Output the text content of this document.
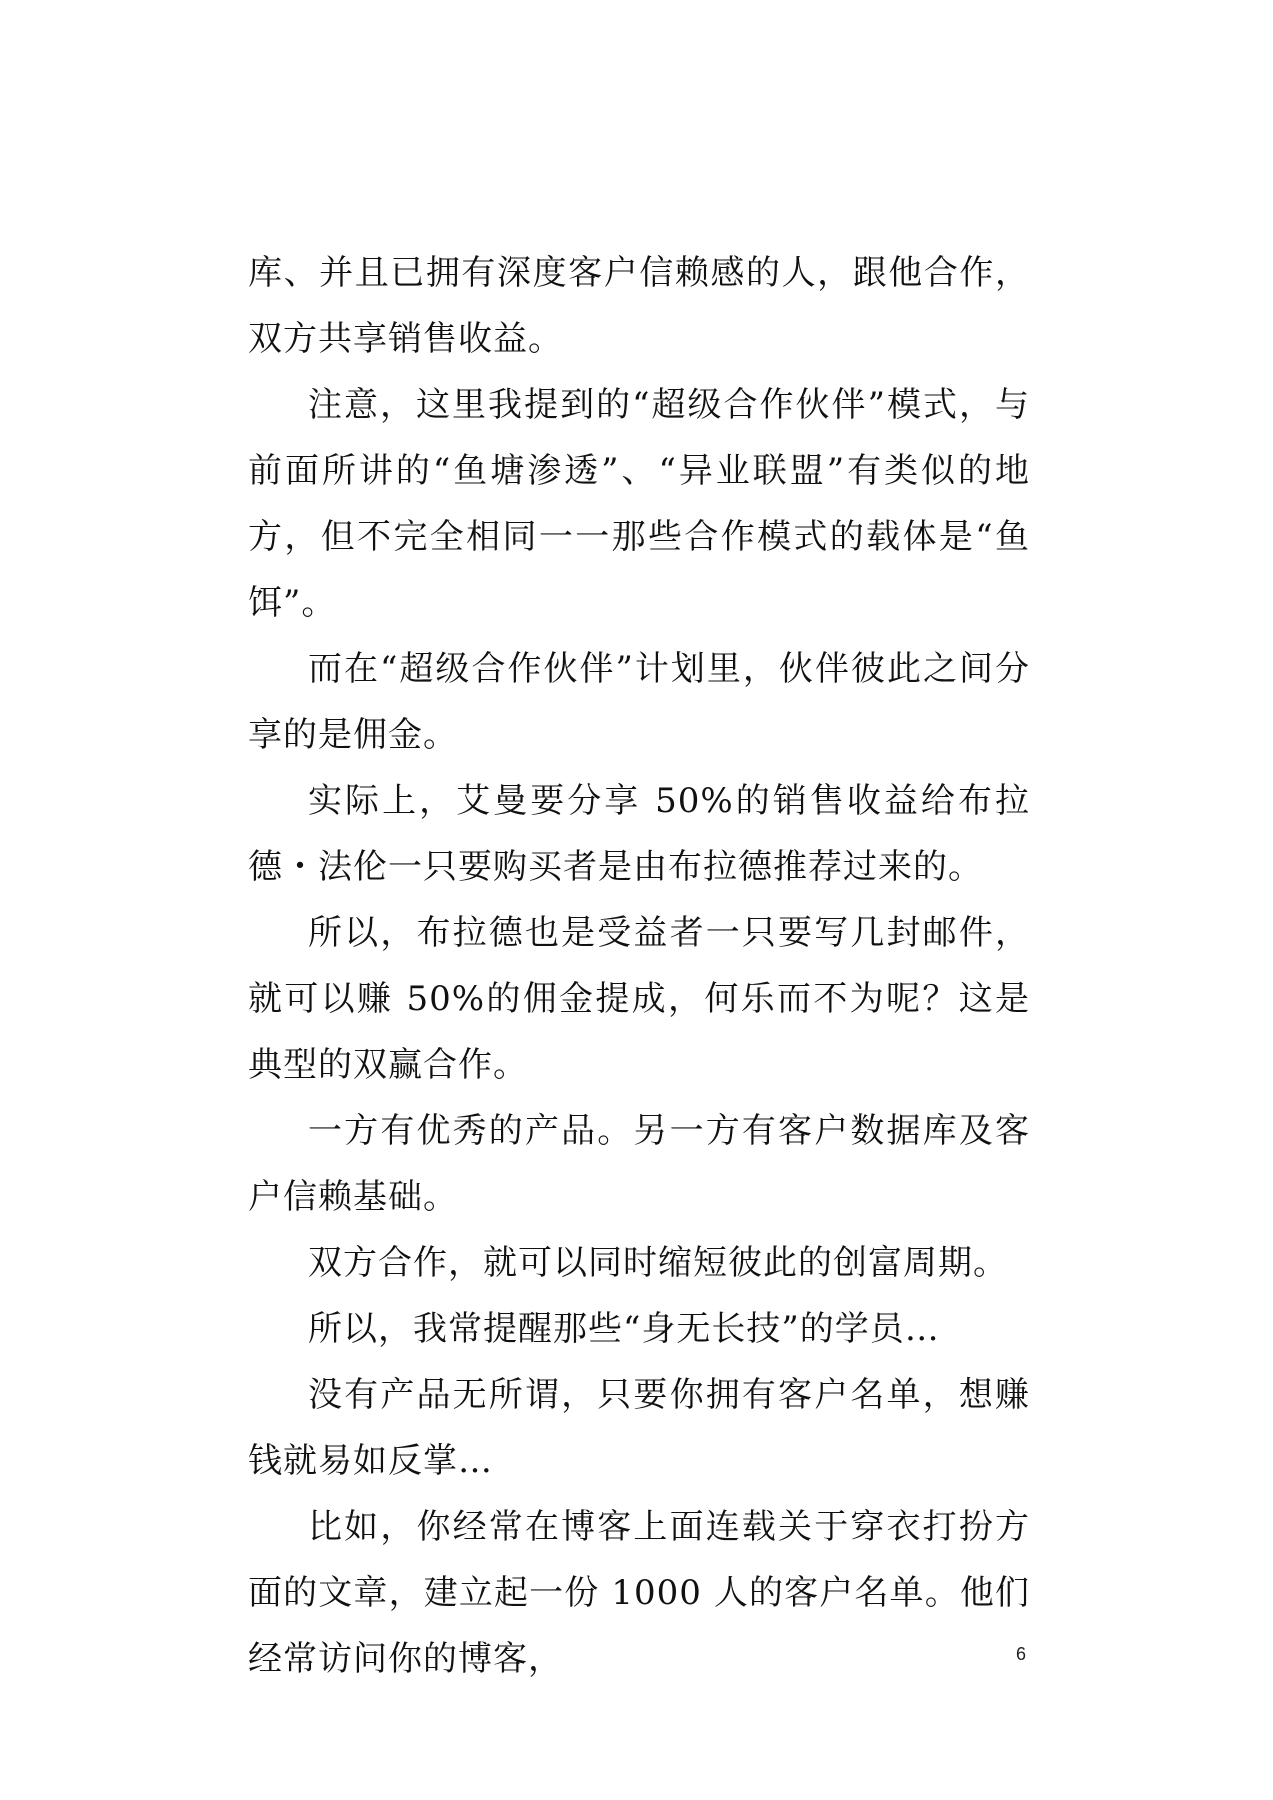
库、并且已拥有深度客户信赖感的人，跟他合作，双方共享销售收益。

注意，这里我提到的“超级合作伙伴”模式，与前面所讲的“鱼塘渗透”、“异业联盟”有类似的地方，但不完全相同一一那些合作模式的载体是“鱼饵”。

而在“超级合作伙伴”计划里，伙伴彼此之间分享的是佣金。

实际上，艾曼要分享 50%的销售收益给布拉德・法伦一只要购买者是由布拉德推荐过来的。

所以，布拉德也是受益者一只要写几封邮件，就可以赚 50%的佣金提成，何乐而不为呢？这是典型的双赢合作。

一方有优秀的产品。另一方有客户数据库及客户信赖基础。

双方合作，就可以同时缩短彼此的创富周期。

所以，我常提醒那些“身无长技”的学员…

没有产品无所谓，只要你拥有客户名单，想赚钱就易如反掌…

比如，你经常在博客上面连载关于穿衣打扮方面的文章，建立起一份 1000 人的客户名单。他们经常访问你的博客，	6
